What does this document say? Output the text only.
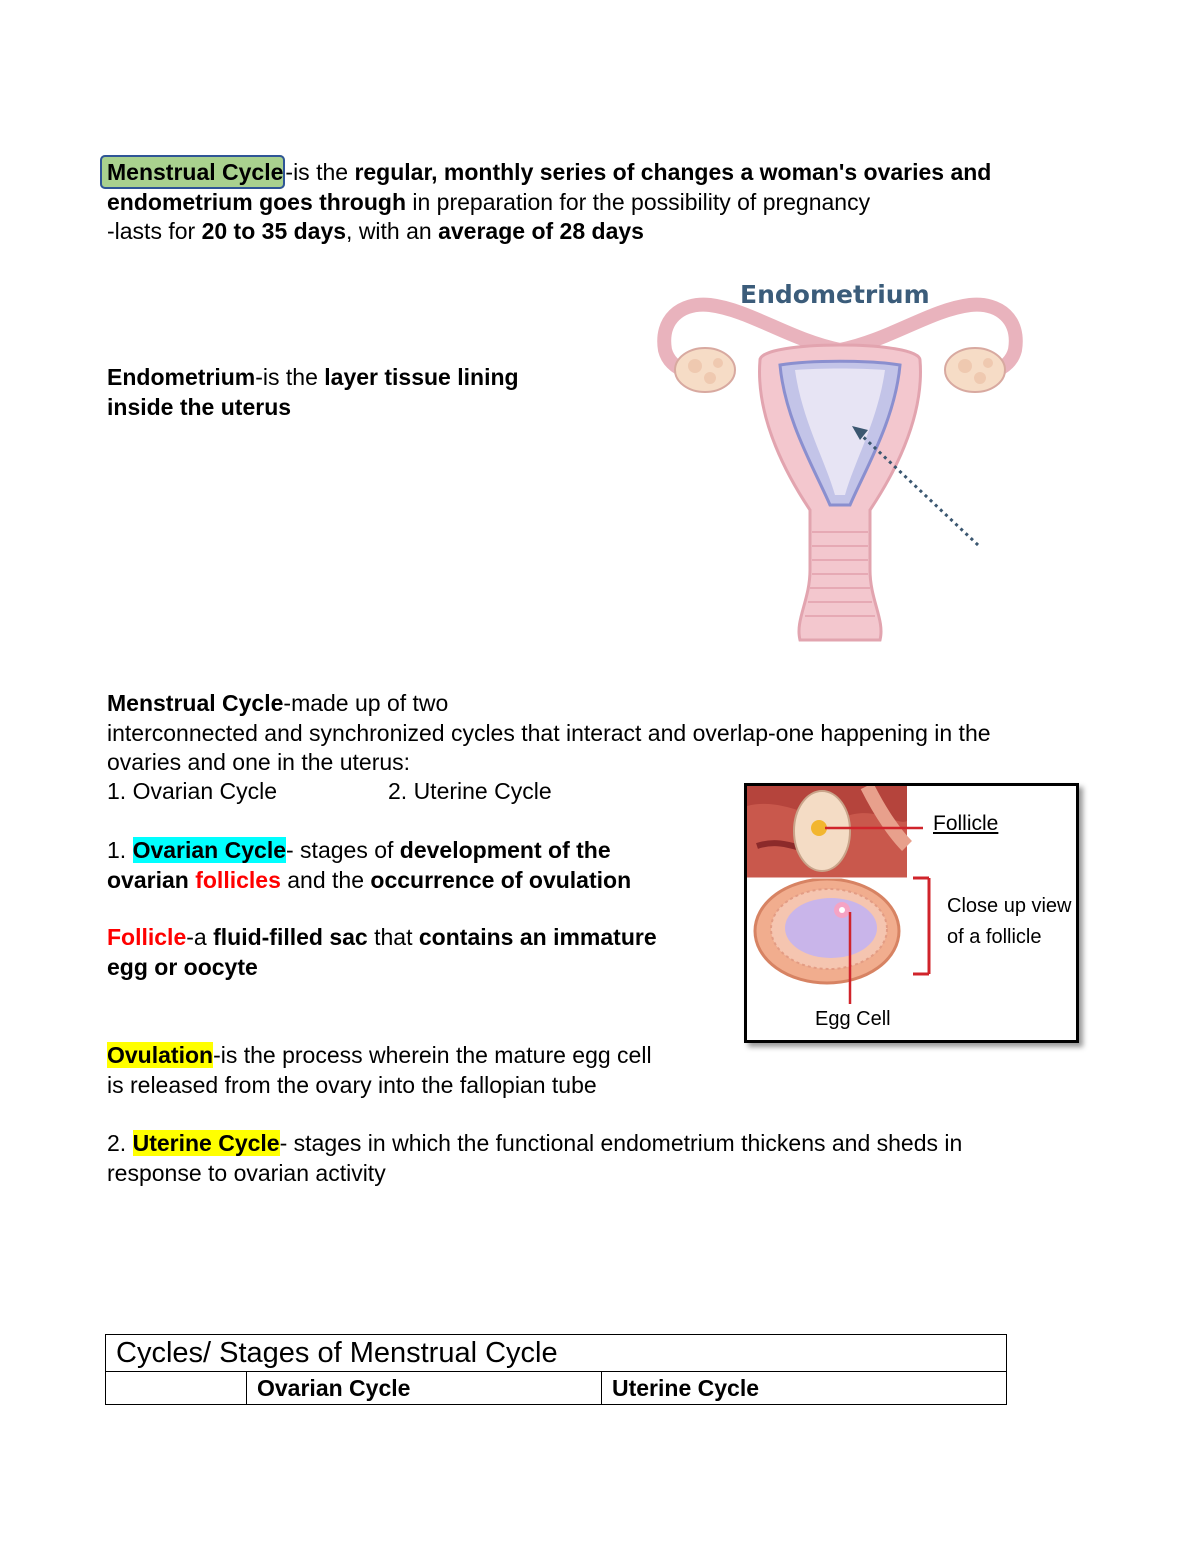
Menstrual Cycle-is the regular, monthly series of changes a woman's ovaries and endometrium goes through in preparation for the possibility of pregnancy

-lasts for 20 to 35 days, with an average of 28 days

Endometrium-is the layer tissue lining
inside the uterus

Endometrium

Menstrual Cycle-made up of two
interconnected and synchronized cycles that interact and overlap-one happening in the
ovaries and one in the uterus:

1. Ovarian Cycle	2. Uterine Cycle

1. Ovarian Cycle- stages of development of the
ovarian follicles and the occurrence of ovulation

Follicle-a fluid-filled sac that contains an immature
egg or oocyte

Follicle
Close up view
of a follicle
Egg Cell

Ovulation-is the process wherein the mature egg cell
is released from the ovary into the fallopian tube

2. Uterine Cycle- stages in which the functional endometrium thickens and sheds in
response to ovarian activity

Cycles/ Stages of Menstrual Cycle
	Ovarian Cycle	Uterine Cycle
